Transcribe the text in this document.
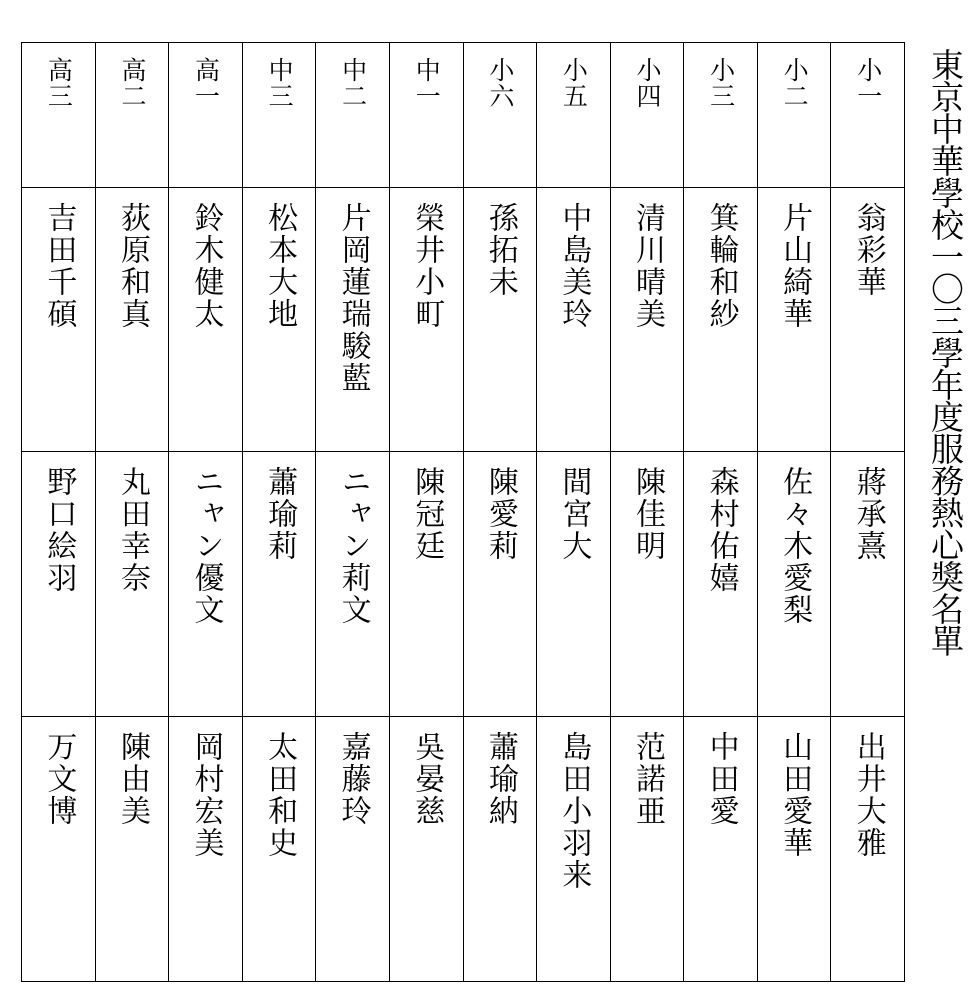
東京中華學校一〇三學年度服務熱心獎名單
小一	小二	小三	小四	小五	小六	中一	中二	中三	高一	高二	高三

翁彩華	片山綺華	箕輪和紗	清川晴美	中島美玲	孫拓未	榮井小町	片岡蓮瑞駿藍	松本大地	鈴木健太	荻原和真	吉田千碩

蔣承熹	佐々木愛梨	森村佑嬉	陳佳明	間宮大	陳愛莉	陳冠廷	ニャン莉文	蕭瑜莉	ニャン優文	丸田幸奈	野口絵羽

出井大雅	山田愛華	中田愛	范諾亜	島田小羽来	蕭瑜納	吳晏慈	嘉藤玲	太田和史	岡村宏美	陳由美	万文博
